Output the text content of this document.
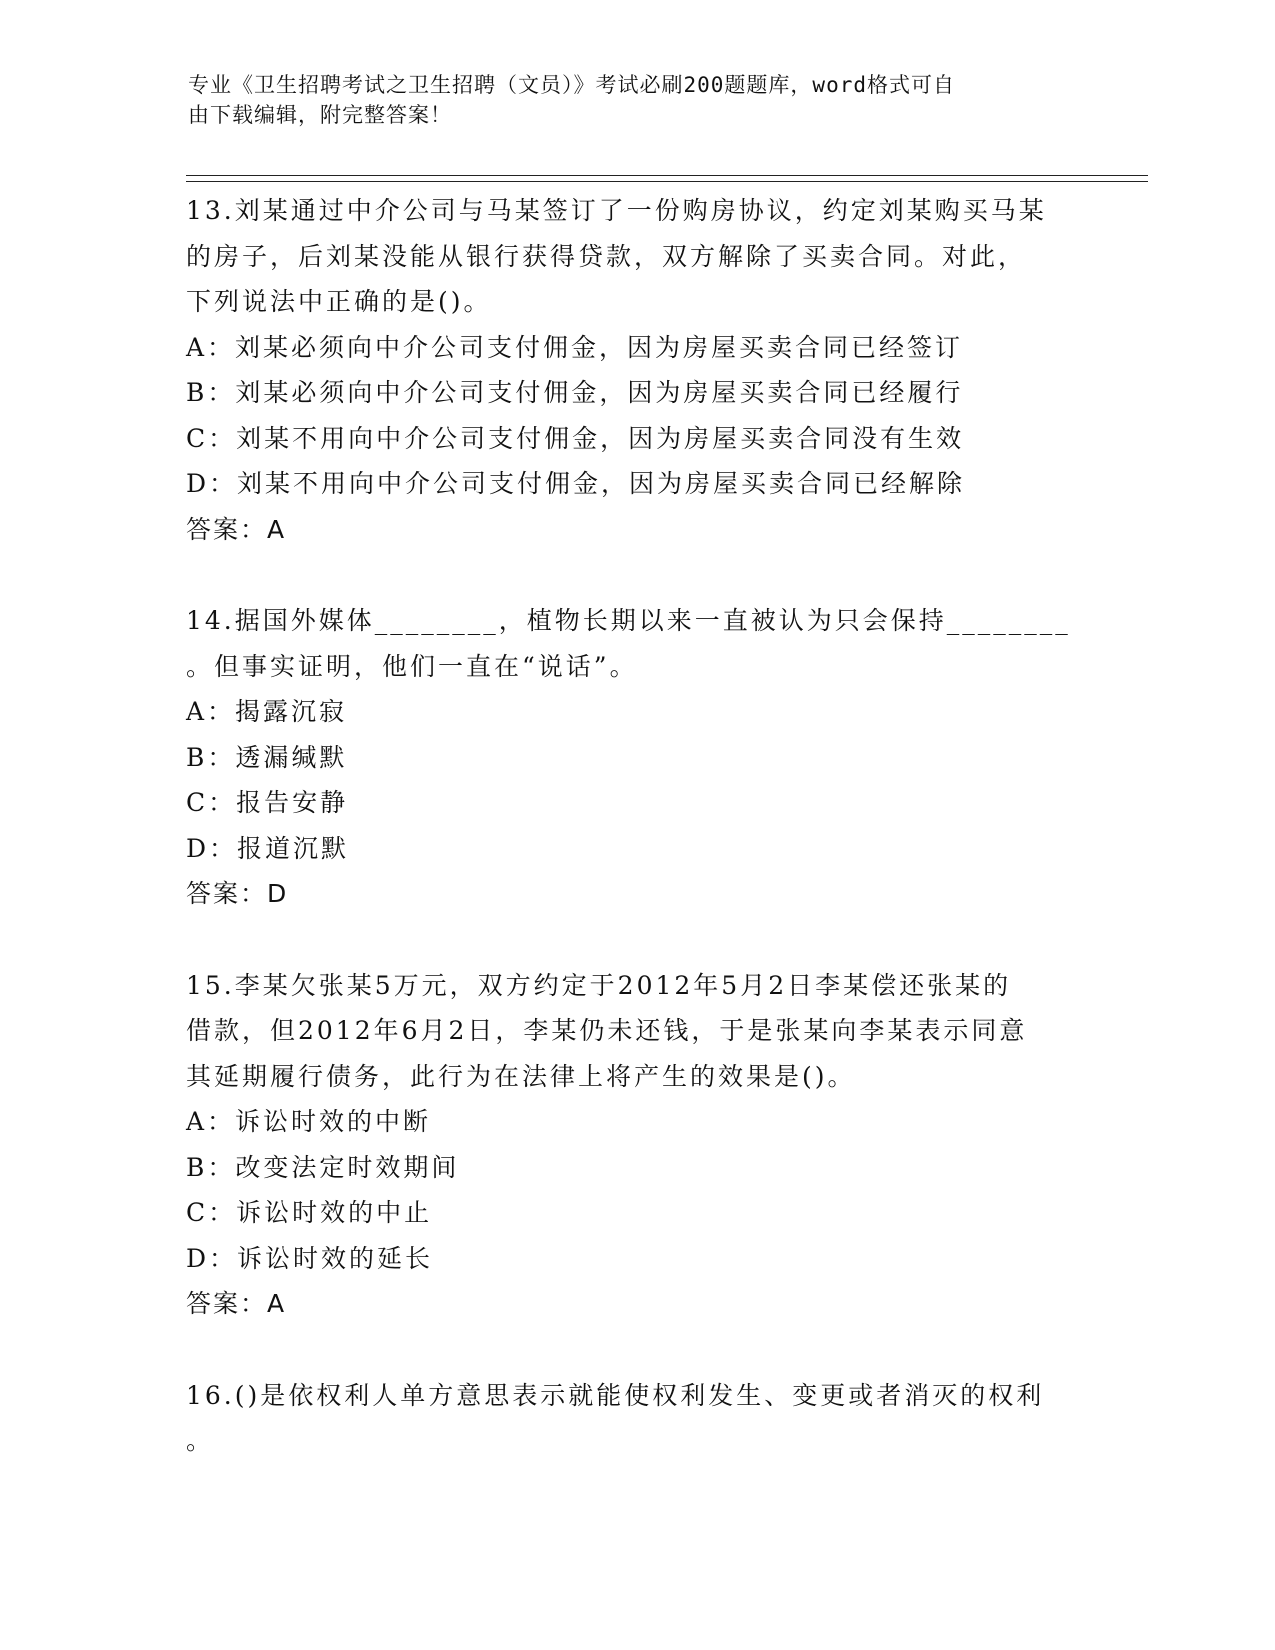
专业《卫生招聘考试之卫生招聘（文员）》考试必刷200题题库，word格式可自
由下载编辑，附完整答案！

13.刘某通过中介公司与马某签订了一份购房协议，约定刘某购买马某

的房子，后刘某没能从银行获得贷款，双方解除了买卖合同。对此，

下列说法中正确的是()。

A：刘某必须向中介公司支付佣金，因为房屋买卖合同已经签订

B：刘某必须向中介公司支付佣金，因为房屋买卖合同已经履行

C：刘某不用向中介公司支付佣金，因为房屋买卖合同没有生效

D：刘某不用向中介公司支付佣金，因为房屋买卖合同已经解除

答案：A

14.据国外媒体________，植物长期以来一直被认为只会保持________

。但事实证明，他们一直在“说话”。

A：揭露沉寂

B：透漏缄默

C：报告安静

D：报道沉默

答案：D

15.李某欠张某5万元，双方约定于2012年5月2日李某偿还张某的

借款，但2012年6月2日，李某仍未还钱，于是张某向李某表示同意

其延期履行债务，此行为在法律上将产生的效果是()。

A：诉讼时效的中断

B：改变法定时效期间

C：诉讼时效的中止

D：诉讼时效的延长

答案：A

16.()是依权利人单方意思表示就能使权利发生、变更或者消灭的权利

。
